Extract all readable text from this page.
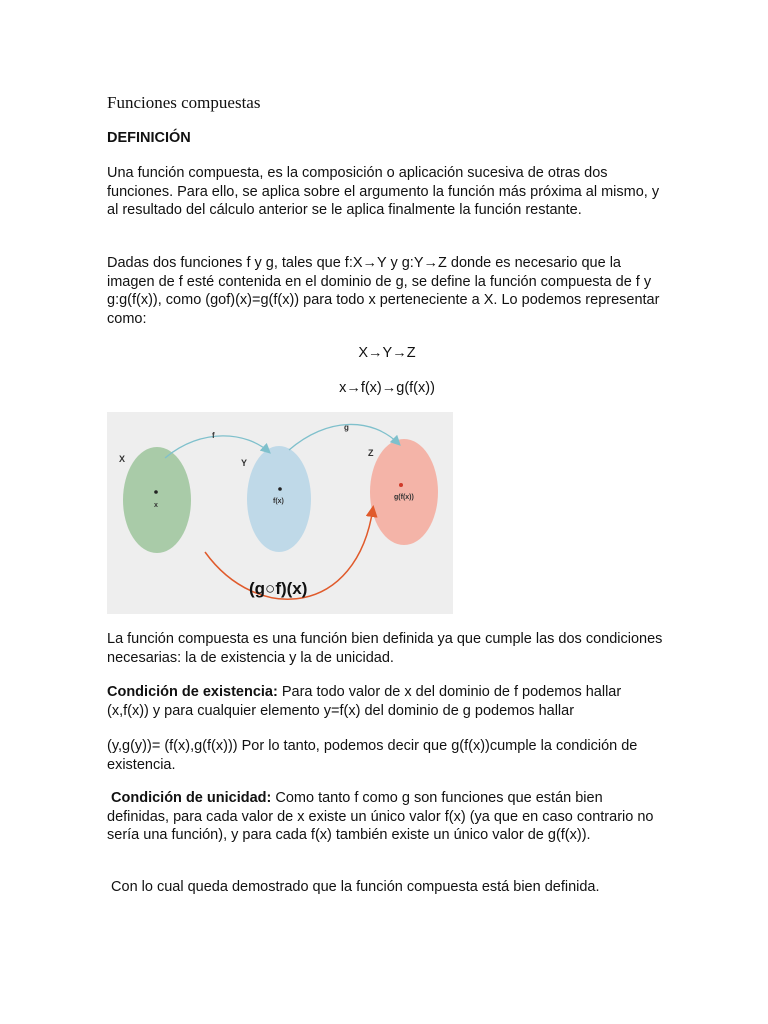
Funciones compuestas
DEFINICIÓN

Una función compuesta, es la composición o aplicación sucesiva de otras dos funciones. Para ello, se aplica sobre el argumento la función más próxima al mismo, y al resultado del cálculo anterior se le aplica finalmente la función restante.

Dadas dos funciones f y g, tales que f:X→Y y g:Y→Z donde es necesario que la imagen de f esté contenida en el dominio de g, se define la función compuesta de f y g:g(f(x)), como (gof)(x)=g(f(x)) para todo x perteneciente a X. Lo podemos representar como:

X→Y→Z
x→f(x)→g(f(x))
X	Y
Z
f
g
x
f(x)
g(f(x))
(g○f)(x)

La función compuesta es una función bien definida ya que cumple las dos condiciones necesarias: la de existencia y la de unicidad.

Condición de existencia: Para todo valor de x del dominio de f podemos hallar (x,f(x)) y para cualquier elemento y=f(x) del dominio de g podemos hallar

(y,g(y))= (f(x),g(f(x))) Por lo tanto, podemos decir que g(f(x))cumple la condición de existencia.

Condición de unicidad: Como tanto f como g son funciones que están bien definidas, para cada valor de x existe un único valor f(x) (ya que en caso contrario no sería una función), y para cada f(x) también existe un único valor de g(f(x)).

Con lo cual queda demostrado que la función compuesta está bien definida.
